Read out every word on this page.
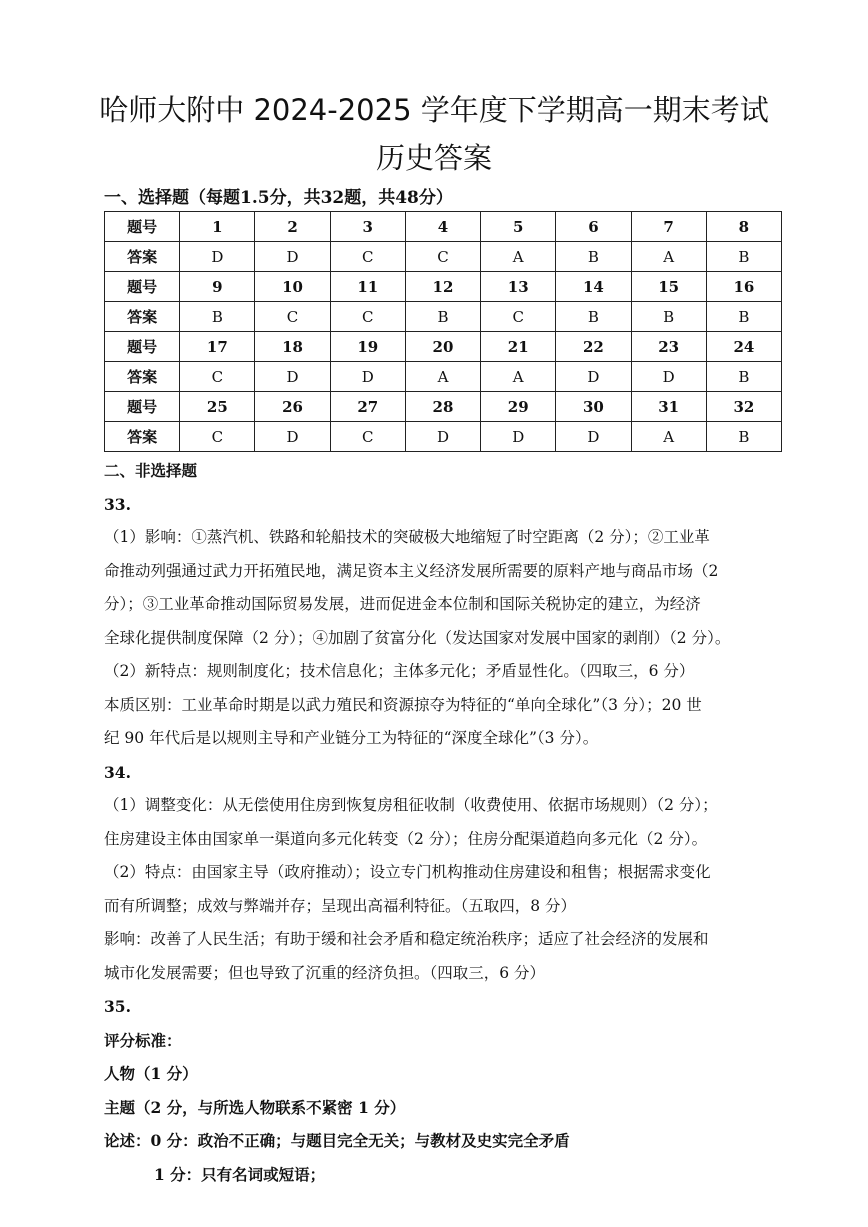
哈师大附中 2024-2025 学年度下学期高一期末考试
历史答案
一、选择题（每题1.5分，共32题，共48分）
题号	1	2	3	4	5	6	7	8
答案	D	D	C	C	A	B	A	B
题号	9	10	11	12	13	14	15	16
答案	B	C	C	B	C	B	B	B
题号	17	18	19	20	21	22	23	24
答案	C	D	D	A	A	D	D	B
题号	25	26	27	28	29	30	31	32
答案	C	D	C	D	D	D	A	B

二、非选择题

33.

（1）影响：①蒸汽机、铁路和轮船技术的突破极大地缩短了时空距离（2 分）；②工业革

命推动列强通过武力开拓殖民地，满足资本主义经济发展所需要的原料产地与商品市场（2

分）；③工业革命推动国际贸易发展，进而促进金本位制和国际关税协定的建立，为经济

全球化提供制度保障（2 分）；④加剧了贫富分化（发达国家对发展中国家的剥削）（2 分）。

（2）新特点：规则制度化；技术信息化；主体多元化；矛盾显性化。（四取三，6 分）

本质区别：工业革命时期是以武力殖民和资源掠夺为特征的“单向全球化”（3 分）；20 世

纪 90 年代后是以规则主导和产业链分工为特征的“深度全球化”（3 分）。

34.

（1）调整变化：从无偿使用住房到恢复房租征收制（收费使用、依据市场规则）（2 分）；

住房建设主体由国家单一渠道向多元化转变（2 分）；住房分配渠道趋向多元化（2 分）。

（2）特点：由国家主导（政府推动）；设立专门机构推动住房建设和租售；根据需求变化

而有所调整；成效与弊端并存；呈现出高福利特征。（五取四，8 分）

影响：改善了人民生活；有助于缓和社会矛盾和稳定统治秩序；适应了社会经济的发展和

城市化发展需要；但也导致了沉重的经济负担。（四取三，6 分）

35.

评分标准：

人物（1 分）

主题（2 分，与所选人物联系不紧密 1 分）

论述：0 分：政治不正确；与题目完全无关；与教材及史实完全矛盾

1 分：只有名词或短语；
